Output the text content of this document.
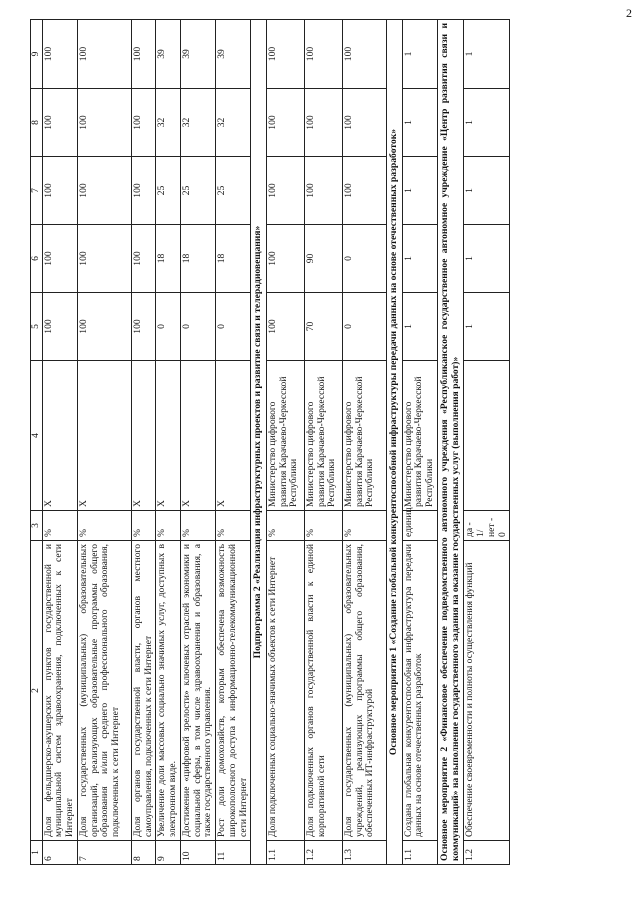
2
1	2	3	4	5	6	7	8	9
6	Доля фельдшерско-акушерских пунктов государственной и муниципальной систем здравоохранения, подключенных к сети Интернет	%	X	100	100	100	100	100
7	Доля государственных (муниципальных) образовательных организаций, реализующих образовательные программы общего образования и/или среднего профессионального образования, подключенных к сети Интернет	%	X	100	100	100	100	100
8	Доля органов государственной власти, органов местного самоуправления, подключенных к сети Интернет	%	X	100	100	100	100	100
9	Увеличение доли массовых социально значимых услуг, доступных в электронном виде.	%	X	0	18	25	32	39
10	Достижение «цифровой зрелости» ключевых отраслей экономики и социальной сферы, в том числе здравоохранения и образования, а также государственного управления.	%	X	0	18	25	32	39
11	Рост доли домохозяйств, которым обеспечена возможность широкополосного доступа к информационно-телекоммуникационной сети Интернет	%	X	0	18	25	32	39
Подпрограмма 2 «Реализация инфраструктурных проектов и развитие связи и телерадиовещания»								
1.1	Доля подключенных социально-значимых объектов к сети Интернет	%	Министерство цифрового развития Карачаево-Черкесской Республики	100	100	100	100	100
1.2	Доля подключенных органов государственной власти к единой корпоративной сети	%	Министерство цифрового развития Карачаево-Черкесской Республики	70	90	100	100	100
1.3	Доля государственных (муниципальных) образовательных учреждений, реализующих программы общего образования, обеспеченных ИТ-инфраструктурой	%	Министерство цифрового развития Карачаево-Черкесской Республики	0	0	100	100	100
Основное мероприятие 1 «Создание глобальной конкурентоспособной инфраструктуры передачи данных на основе отечественных разработок»								
1.1	Создана глобальная конкурентоспособная инфраструктура передачи данных на основе отечественных разработок	единиц	Министерство цифрового развития Карачаево-Черкесской Республики	1	1	1	1	1
Основное мероприятие 2 «Финансовое обеспечение подведомственного автономного учреждения «Республиканское государственное автономное учреждение «Центр развития связи и коммуникаций» на выполнение государственного задания на оказание государственных услуг (выполнения работ)»								
1.2	Обеспечение своевременности и полноты осуществления функций	да - 1/ нет - 0		1	1	1	1	1
